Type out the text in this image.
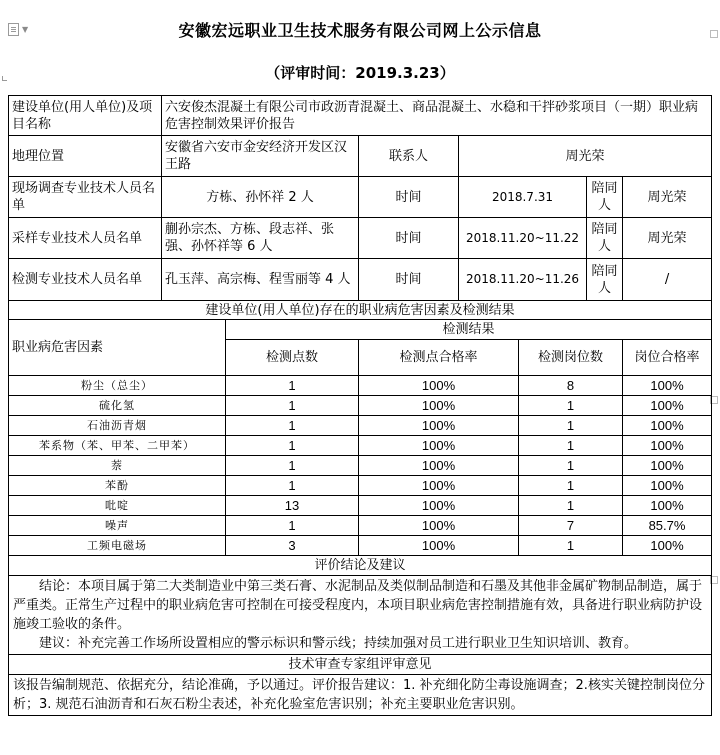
▼	安徽宏远职业卫生技术服务有限公司网上公示信息
（评审时间：2019.3.23）
建设单位(用人单位)及项目名称	六安俊杰混凝土有限公司市政沥青混凝土、商品混凝土、水稳和干拌砂浆项目（一期）职业病危害控制效果评价报告						
地理位置	安徽省六安市金安经济开发区汉王路		联系人	周光荣			
现场调查专业技术人员名单	方栋、孙怀祥 2 人		时间	2018.7.31		陪同人	周光荣
采样专业技术人员名单	蒯孙宗杰、方栋、段志祥、张强、孙怀祥等 6 人		时间	2018.11.20~11.22		陪同人	周光荣
检测专业技术人员名单	孔玉萍、高宗梅、程雪丽等 4 人		时间	2018.11.20~11.26		陪同人	/
建设单位(用人单位)存在的职业病危害因素及检测结果							
职业病危害因素		检测结果					
		检测点数	检测点合格率		检测岗位数		岗位合格率
粉尘（总尘）		1	100%		8		100%
硫化氢		1	100%		1		100%
石油沥青烟		1	100%		1		100%
苯系物（苯、甲苯、二甲苯）		1	100%		1		100%
萘		1	100%		1		100%
苯酚		1	100%		1		100%
吡啶		13	100%		1		100%
噪声		1	100%		7		85.7%
工频电磁场		3	100%		1		100%
评价结论及建议							

结论：本项目属于第二大类制造业中第三类石膏、水泥制品及类似制品制造和石墨及其他非金属矿物制品制造，属于严重类。正常生产过程中的职业病危害可控制在可接受程度内，本项目职业病危害控制措施有效，具备进行职业病防护设施竣工验收的条件。
建议：补充完善工作场所设置相应的警示标识和警示线；持续加强对员工进行职业卫生知识培训、教育。							

技术审查专家组评审意见							
该报告编制规范、依据充分，结论准确，予以通过。评价报告建议：1. 补充细化防尘毒设施调查；2.核实关键控制岗位分析；3. 规范石油沥青和石灰石粉尘表述，补充化验室危害识别；补充主要职业危害识别。							
